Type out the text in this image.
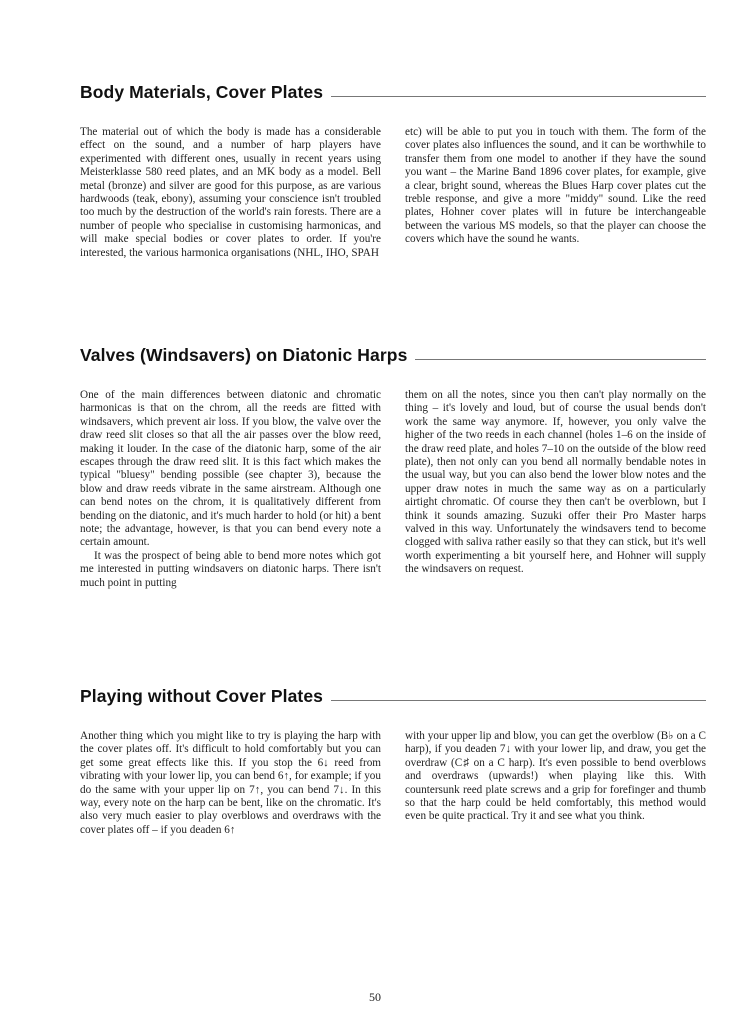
Body Materials, Cover Plates

The material out of which the body is made has a considerable effect on the sound, and a number of harp players have experimented with different ones, usually in recent years using Meisterklasse 580 reed plates, and an MK body as a model. Bell metal (bronze) and silver are good for this purpose, as are various hardwoods (teak, ebony), assuming your conscience isn't troubled too much by the destruction of the world's rain forests. There are a number of people who specialise in customising harmonicas, and will make special bodies or cover plates to order. If you're interested, the various harmonica organisations (NHL, IHO, SPAH

etc) will be able to put you in touch with them. The form of the cover plates also influences the sound, and it can be worthwhile to transfer them from one model to another if they have the sound you want – the Marine Band 1896 cover plates, for example, give a clear, bright sound, whereas the Blues Harp cover plates cut the treble response, and give a more "middy" sound. Like the reed plates, Hohner cover plates will in future be interchangeable between the various MS models, so that the player can choose the covers which have the sound he wants.

Valves (Windsavers) on Diatonic Harps

One of the main differences between diatonic and chromatic harmonicas is that on the chrom, all the reeds are fitted with windsavers, which prevent air loss. If you blow, the valve over the draw reed slit closes so that all the air passes over the blow reed, making it louder. In the case of the diatonic harp, some of the air escapes through the draw reed slit. It is this fact which makes the typical "bluesy" bending possible (see chapter 3), because the blow and draw reeds vibrate in the same airstream. Although one can bend notes on the chrom, it is qualitatively different from bending on the diatonic, and it's much harder to hold (or hit) a bent note; the advantage, however, is that you can bend every note a certain amount.

It was the prospect of being able to bend more notes which got me interested in putting windsavers on diatonic harps. There isn't much point in putting

them on all the notes, since you then can't play normally on the thing – it's lovely and loud, but of course the usual bends don't work the same way anymore. If, however, you only valve the higher of the two reeds in each channel (holes 1–6 on the inside of the draw reed plate, and holes 7–10 on the outside of the blow reed plate), then not only can you bend all normally bendable notes in the usual way, but you can also bend the lower blow notes and the upper draw notes in much the same way as on a particularly airtight chromatic. Of course they then can't be overblown, but I think it sounds amazing. Suzuki offer their Pro Master harps valved in this way. Unfortunately the windsavers tend to become clogged with saliva rather easily so that they can stick, but it's well worth experimenting a bit yourself here, and Hohner will supply the windsavers on request.

Playing without Cover Plates

Another thing which you might like to try is playing the harp with the cover plates off. It's difficult to hold comfortably but you can get some great effects like this. If you stop the 6↓ reed from vibrating with your lower lip, you can bend 6↑, for example; if you do the same with your upper lip on 7↑, you can bend 7↓. In this way, every note on the harp can be bent, like on the chromatic. It's also very much easier to play overblows and overdraws with the cover plates off – if you deaden 6↑

with your upper lip and blow, you can get the overblow (B♭ on a C harp), if you deaden 7↓ with your lower lip, and draw, you get the overdraw (C♯ on a C harp). It's even possible to bend overblows and overdraws (upwards!) when playing like this. With countersunk reed plate screws and a grip for forefinger and thumb so that the harp could be held comfortably, this method would even be quite practical. Try it and see what you think.

50
